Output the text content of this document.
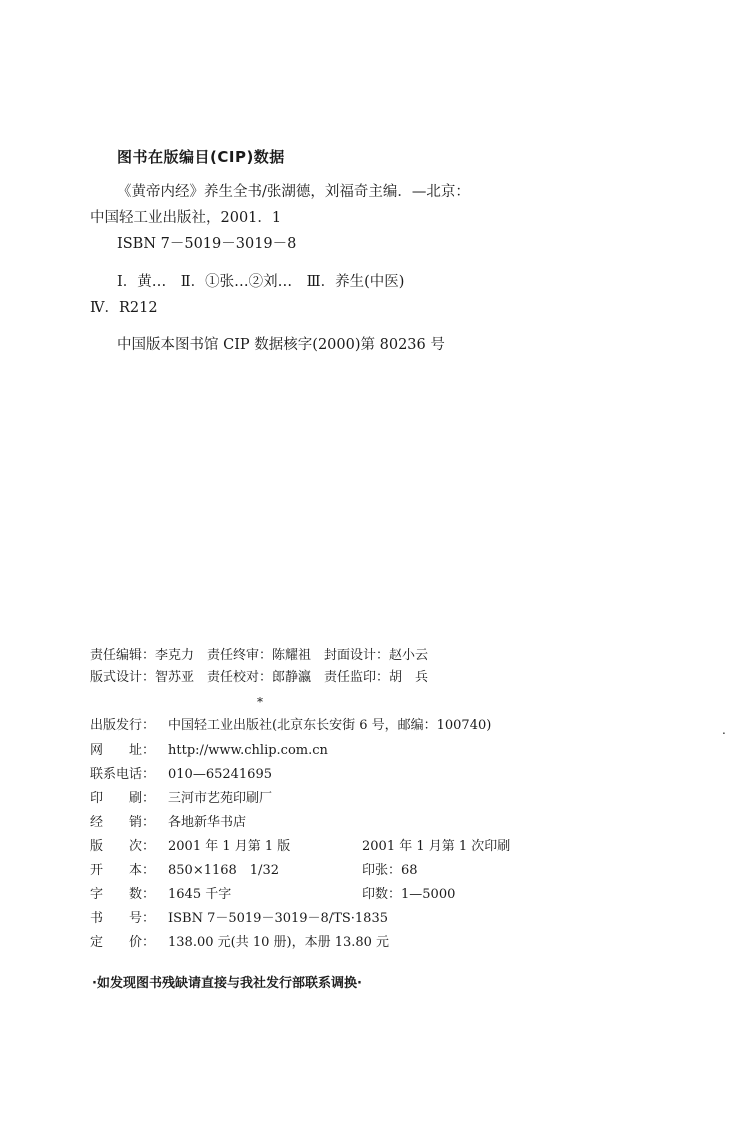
图书在版编目(CIP)数据
《黄帝内经》养生全书/张湖德，刘福奇主编．—北京：
中国轻工业出版社，2001．1
ISBN 7－5019－3019－8
Ⅰ．黄…　Ⅱ．①张…②刘…　Ⅲ．养生(中医)
Ⅳ．R212
中国版本图书馆 CIP 数据核字(2000)第 80236 号
责任编辑：李克力　责任终审：陈耀祖　封面设计：赵小云
版式设计：智苏亚　责任校对：郎静瀛　责任监印：胡　兵
*
出版发行： 中国轻工业出版社(北京东长安街 6 号，邮编：100740)
网　　址： http://www.chlip.com.cn
联系电话： 010—65241695
印　　刷： 三河市艺苑印刷厂
经　　销： 各地新华书店
版　　次： 2001 年 1 月第 1 版	2001 年 1 月第 1 次印刷
开　　本： 850×1168　1/32	印张：68
字　　数： 1645 千字	印数：1—5000
书　　号： ISBN 7－5019－3019－8/TS·1835
定　　价： 138.00 元(共 10 册)，本册 13.80 元
·如发现图书残缺请直接与我社发行部联系调换·
.
